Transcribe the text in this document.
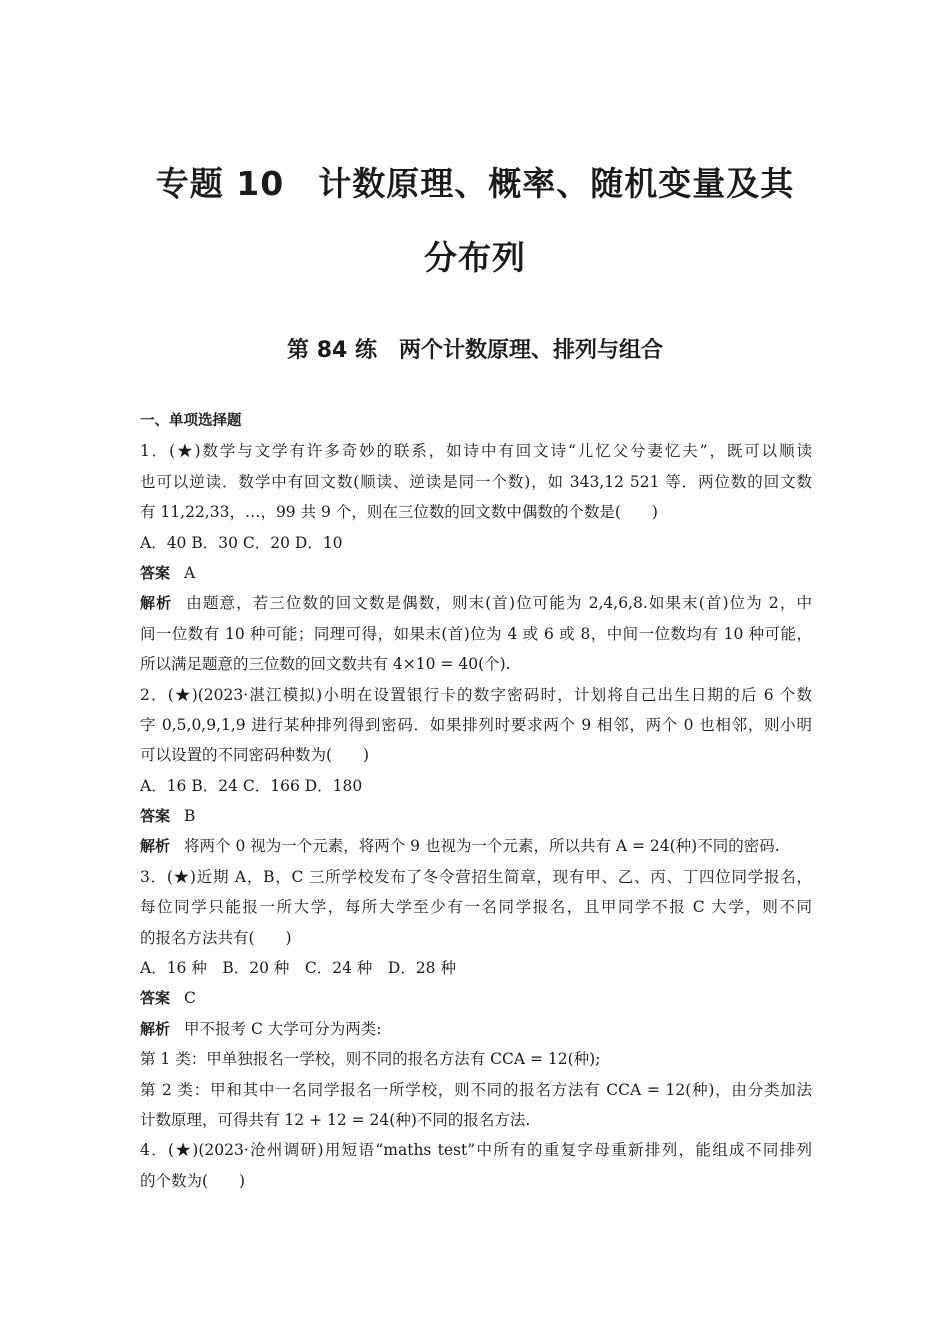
专题 10　计数原理、概率、随机变量及其
分布列
第 84 练　两个计数原理、排列与组合
一、单项选择题
1．(★)数学与文学有许多奇妙的联系，如诗中有回文诗“儿忆父兮妻忆夫”，既可以顺读
也可以逆读．数学中有回文数(顺读、逆读是同一个数)，如 343,12 521 等．两位数的回文数
有 11,22,33，…，99 共 9 个，则在三位数的回文数中偶数的个数是(　　)
A．40 B．30 C．20 D．10
答案 A
解析 由题意，若三位数的回文数是偶数，则末(首)位可能为 2,4,6,8.如果末(首)位为 2，中
间一位数有 10 种可能；同理可得，如果末(首)位为 4 或 6 或 8，中间一位数均有 10 种可能，
所以满足题意的三位数的回文数共有 4×10 = 40(个).
2．(★)(2023·湛江模拟)小明在设置银行卡的数字密码时，计划将自己出生日期的后 6 个数
字 0,5,0,9,1,9 进行某种排列得到密码．如果排列时要求两个 9 相邻，两个 0 也相邻，则小明
可以设置的不同密码种数为(　　)
A．16 B．24 C．166 D．180
答案 B
解析 将两个 0 视为一个元素，将两个 9 也视为一个元素，所以共有 A = 24(种)不同的密码.
3．(★)近期 A，B，C 三所学校发布了冬令营招生简章，现有甲、乙、丙、丁四位同学报名，
每位同学只能报一所大学，每所大学至少有一名同学报名，且甲同学不报 C 大学，则不同
的报名方法共有(　　)
A．16 种　B．20 种　C．24 种　D．28 种
答案 C
解析 甲不报考 C 大学可分为两类:
第 1 类：甲单独报名一学校，则不同的报名方法有 CCA = 12(种);
第 2 类：甲和其中一名同学报名一所学校，则不同的报名方法有 CCA = 12(种)，由分类加法
计数原理，可得共有 12 + 12 = 24(种)不同的报名方法.
4．(★)(2023·沧州调研)用短语“maths test”中所有的重复字母重新排列，能组成不同排列
的个数为(　　)
